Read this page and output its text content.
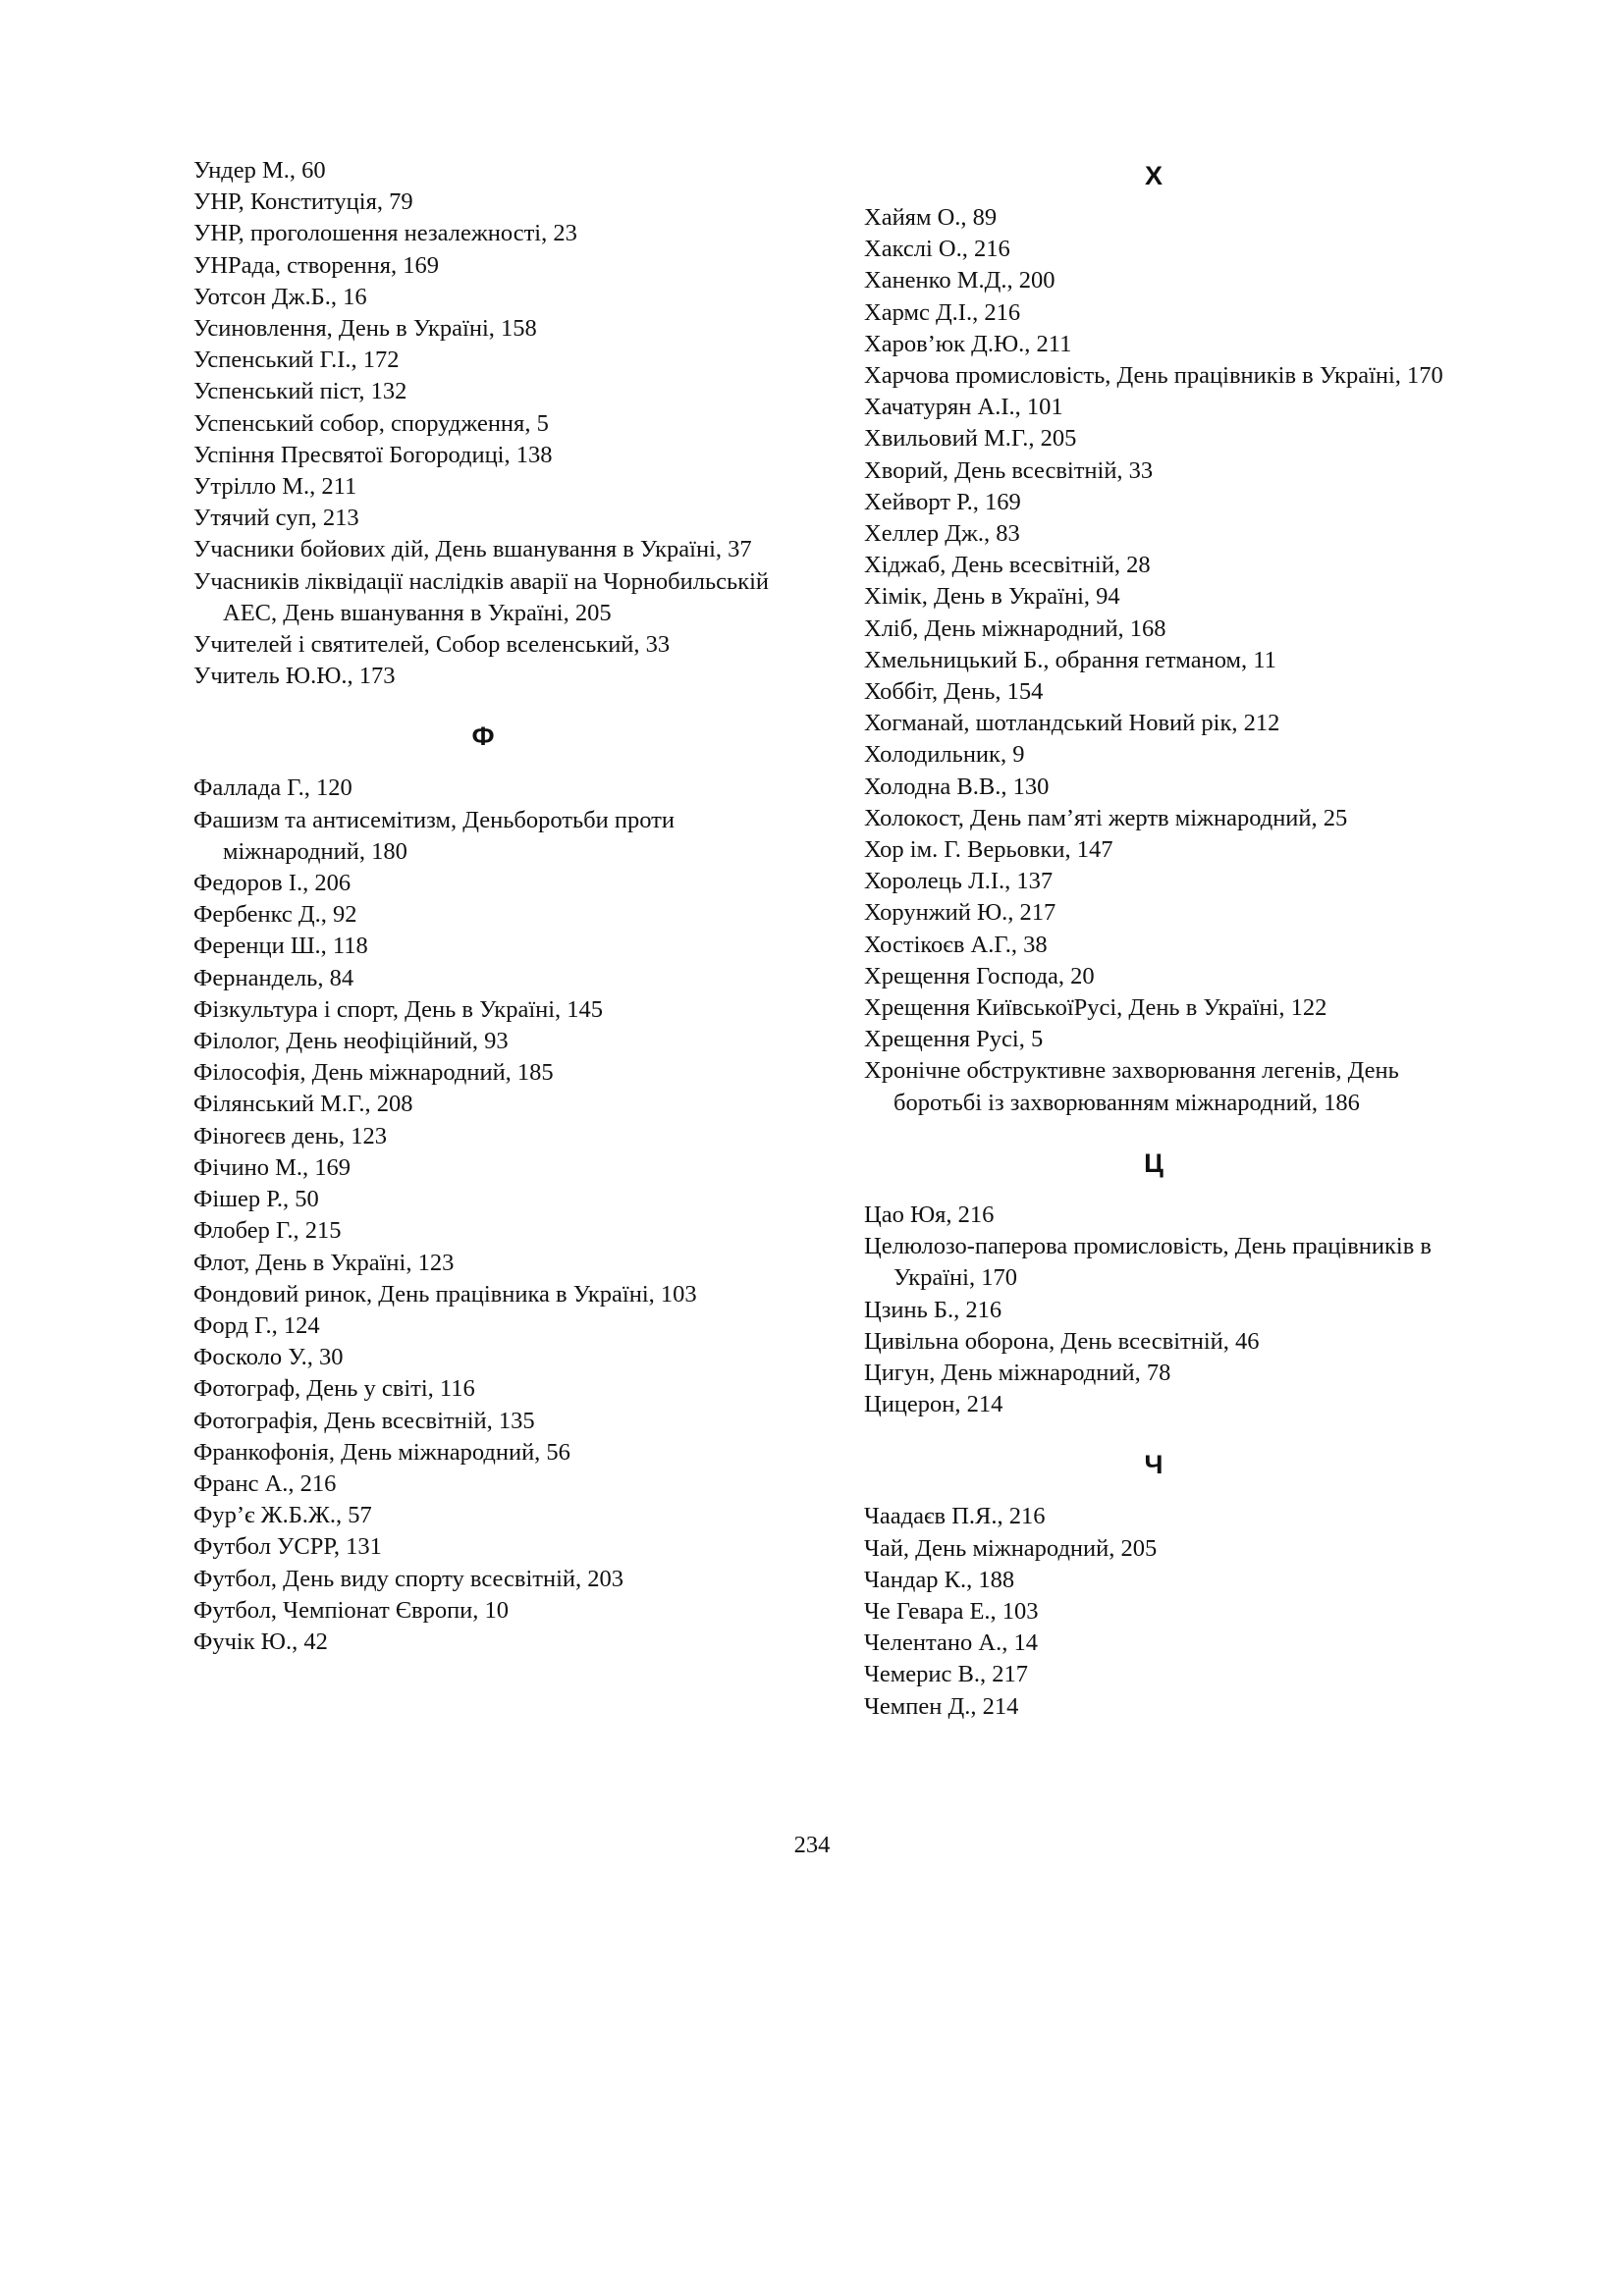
Ундер М., 60
УНР, Конституція, 79
УНР, проголошення незалежності, 23
УНРада, створення, 169
Уотсон Дж.Б., 16
Усиновлення, День в Україні, 158
Успенський Г.І., 172
Успенський піст, 132
Успенський собор, спорудження, 5
Успіння Пресвятої Богородиці, 138
Утрілло М., 211
Утячий суп, 213
Учасники бойових дій, День вшанування в Україні, 37
Учасників ліквідації наслідків аварії на Чорнобильській АЕС, День вшанування в Україні, 205
Учителей і святителей, Собор вселенський, 33
Учитель Ю.Ю., 173
Ф
Фаллада Г., 120
Фашизм та антисемітизм, Деньборотьби проти міжнародний, 180
Федоров І., 206
Фербенкс Д., 92
Ференци Ш., 118
Фернандель, 84
Фізкультура і спорт, День в Україні, 145
Філолог, День неофіційний, 93
Філософія, День міжнародний, 185
Філянський М.Г., 208
Фіногеєв день, 123
Фічино М., 169
Фішер Р., 50
Флобер Г., 215
Флот, День в Україні, 123
Фондовий ринок, День працівника в Україні, 103
Форд Г., 124
Фосколо У., 30
Фотограф, День у світі, 116
Фотографія, День всесвітній, 135
Франкофонія, День міжнародний, 56
Франс А., 216
Фур’є Ж.Б.Ж., 57
Футбол УСРР, 131
Футбол, День виду спорту всесвітній, 203
Футбол, Чемпіонат Європи, 10
Фучік Ю., 42
Х
Хайям О., 89
Хакслі О., 216
Ханенко М.Д., 200
Хармс Д.І., 216
Харов’юк Д.Ю., 211
Харчова промисловість, День працівників в Україні, 170
Хачатурян А.І., 101
Хвильовий М.Г., 205
Хворий, День всесвітній, 33
Хейворт Р., 169
Хеллер Дж., 83
Хіджаб, День всесвітній, 28
Хімік, День в Україні, 94
Хліб, День міжнародний, 168
Хмельницький Б., обрання гетманом, 11
Хоббіт, День, 154
Хогманай, шотландський Новий рік, 212
Холодильник, 9
Холодна В.В., 130
Холокост, День пам’яті жертв міжнародний, 25
Хор ім. Г. Верьовки, 147
Хоролець Л.І., 137
Хорунжий Ю., 217
Хостікоєв А.Г., 38
Хрещення Господа, 20
Хрещення КиївськоїРусі, День в Україні, 122
Хрещення Русі, 5
Хронічне обструктивне захворювання легенів, День боротьбі із захворюванням міжнародний, 186
Ц
Цао Юя, 216
Целюлозо-паперова промисловість, День працівників в Україні, 170
Цзинь Б., 216
Цивільна оборона, День всесвітній, 46
Цигун, День міжнародний, 78
Цицерон, 214
Ч
Чаадаєв П.Я., 216
Чай, День міжнародний, 205
Чандар К., 188
Че Гевара Е., 103
Челентано А., 14
Чемерис В., 217
Чемпен Д., 214
234
